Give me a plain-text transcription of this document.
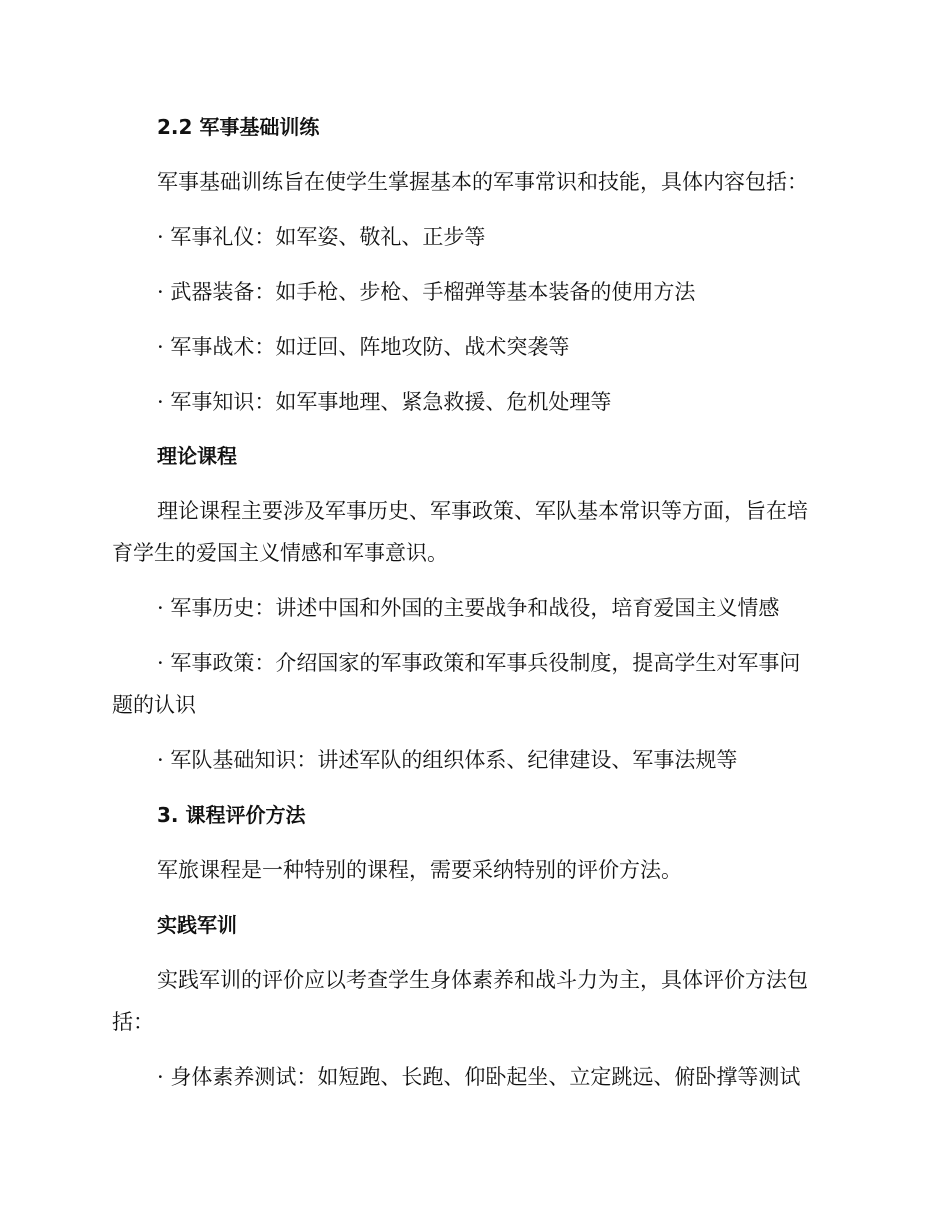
2.2 军事基础训练

军事基础训练旨在使学生掌握基本的军事常识和技能，具体内容包括：

· 军事礼仪：如军姿、敬礼、正步等

· 武器装备：如手枪、步枪、手榴弹等基本装备的使用方法

· 军事战术：如迂回、阵地攻防、战术突袭等

· 军事知识：如军事地理、紧急救援、危机处理等

理论课程

理论课程主要涉及军事历史、军事政策、军队基本常识等方面，旨在培

育学生的爱国主义情感和军事意识。

· 军事历史：讲述中国和外国的主要战争和战役，培育爱国主义情感

· 军事政策：介绍国家的军事政策和军事兵役制度，提高学生对军事问

题的认识

· 军队基础知识：讲述军队的组织体系、纪律建设、军事法规等

3. 课程评价方法

军旅课程是一种特别的课程，需要采纳特别的评价方法。

实践军训

实践军训的评价应以考查学生身体素养和战斗力为主，具体评价方法包

括：

· 身体素养测试：如短跑、长跑、仰卧起坐、立定跳远、俯卧撑等测试
